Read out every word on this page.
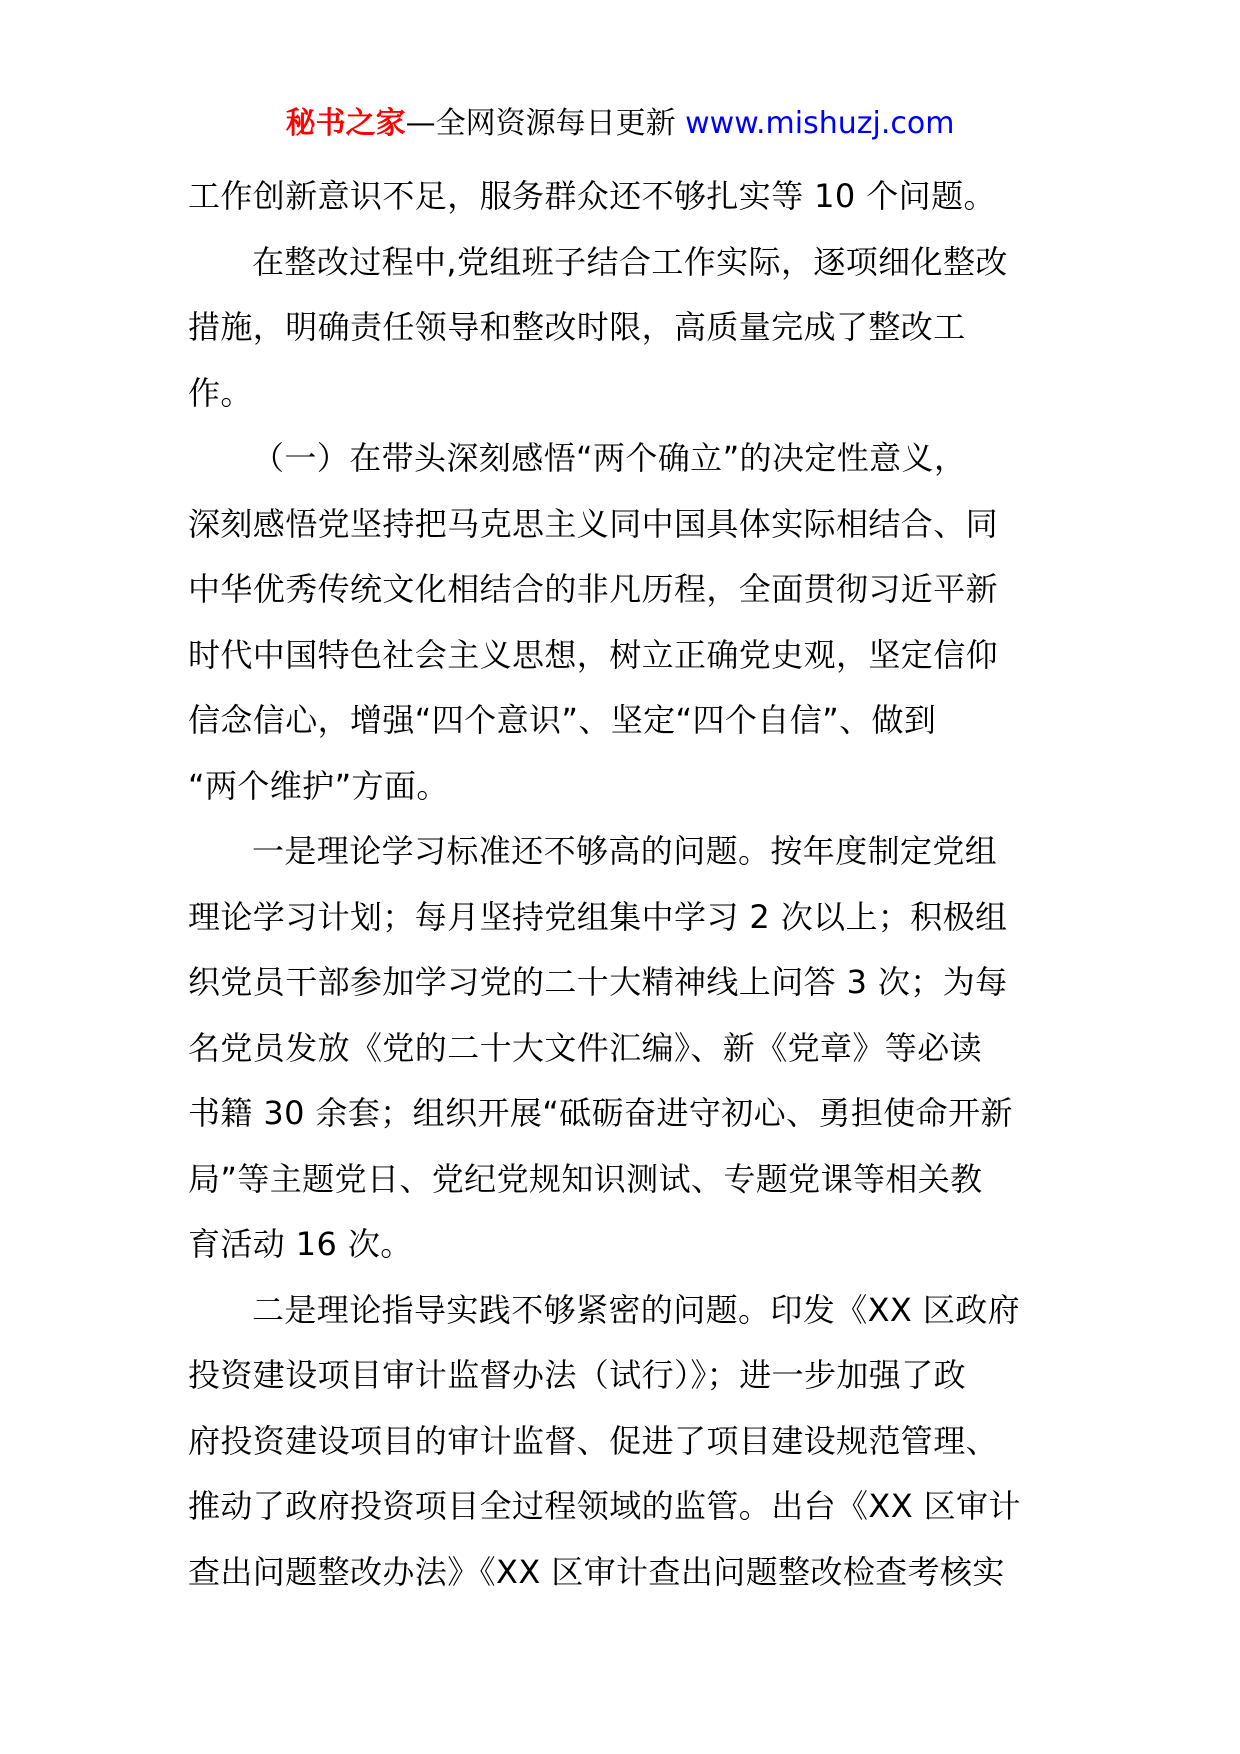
秘书之家—全网资源每日更新 www.mishuzj.com
工作创新意识不足，服务群众还不够扎实等 10 个问题。
在整改过程中,党组班子结合工作实际，逐项细化整改
措施，明确责任领导和整改时限，高质量完成了整改工
作。
（一）在带头深刻感悟“两个确立”的决定性意义，
深刻感悟党坚持把马克思主义同中国具体实际相结合、同
中华优秀传统文化相结合的非凡历程，全面贯彻习近平新
时代中国特色社会主义思想，树立正确党史观，坚定信仰
信念信心，增强“四个意识”、坚定“四个自信”、做到
“两个维护”方面。
一是理论学习标准还不够高的问题。按年度制定党组
理论学习计划；每月坚持党组集中学习 2 次以上；积极组
织党员干部参加学习党的二十大精神线上问答 3 次；为每
名党员发放《党的二十大文件汇编》、新《党章》等必读
书籍 30 余套；组织开展“砥砺奋进守初心、勇担使命开新
局”等主题党日、党纪党规知识测试、专题党课等相关教
育活动 16 次。
二是理论指导实践不够紧密的问题。印发《XX 区政府
投资建设项目审计监督办法（试行）》；进一步加强了政
府投资建设项目的审计监督、促进了项目建设规范管理、
推动了政府投资项目全过程领域的监管。出台《XX 区审计
查出问题整改办法》《XX 区审计查出问题整改检查考核实
